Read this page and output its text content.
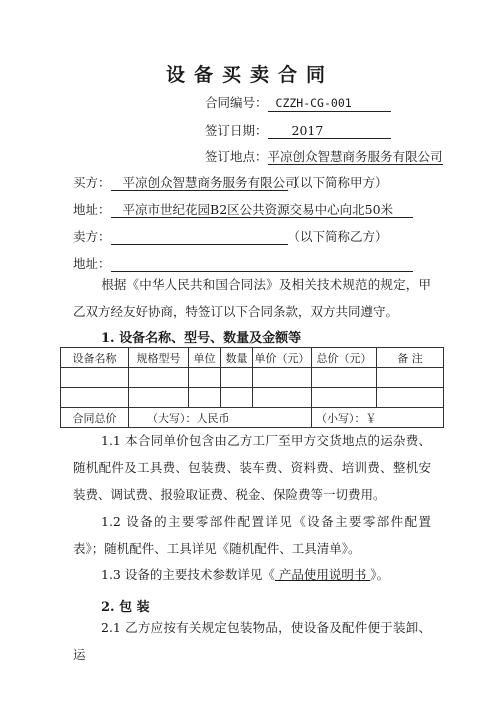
设备买卖合同
合同编号： CZZH-CG-001
签订日期： 2017
签订地点：平凉创众智慧商务服务有限公司
买方： 平凉创众智慧商务服务有限公司（以下简称甲方）
地址： 平凉市世纪花园B2区公共资源交易中心向北50米
卖方：	（以下简称乙方）
地址：
根据《中华人民共和国合同法》及相关技术规范的规定，甲乙双方经友好协商，特签订以下合同条款，双方共同遵守。
1. 设备名称、型号、数量及金额等
设备名称	规格型号	单位	数量	单价（元）	总价（元）	备 注

合同总价	（大写）：人民币				（小写）：￥	
1.1 本合同单价包含由乙方工厂至甲方交货地点的运杂费、随机配件及工具费、包装费、装车费、资料费、培训费、整机安装费、调试费、报验取证费、税金、保险费等一切费用。
1.2 设备的主要零部件配置详见《设备主要零部件配置表》；随机配件、工具详见《随机配件、工具清单》。
1.3 设备的主要技术参数详见《 产品使用说明书 》。
2. 包 装
2.1 乙方应按有关规定包装物品，使设备及配件便于装卸、运
